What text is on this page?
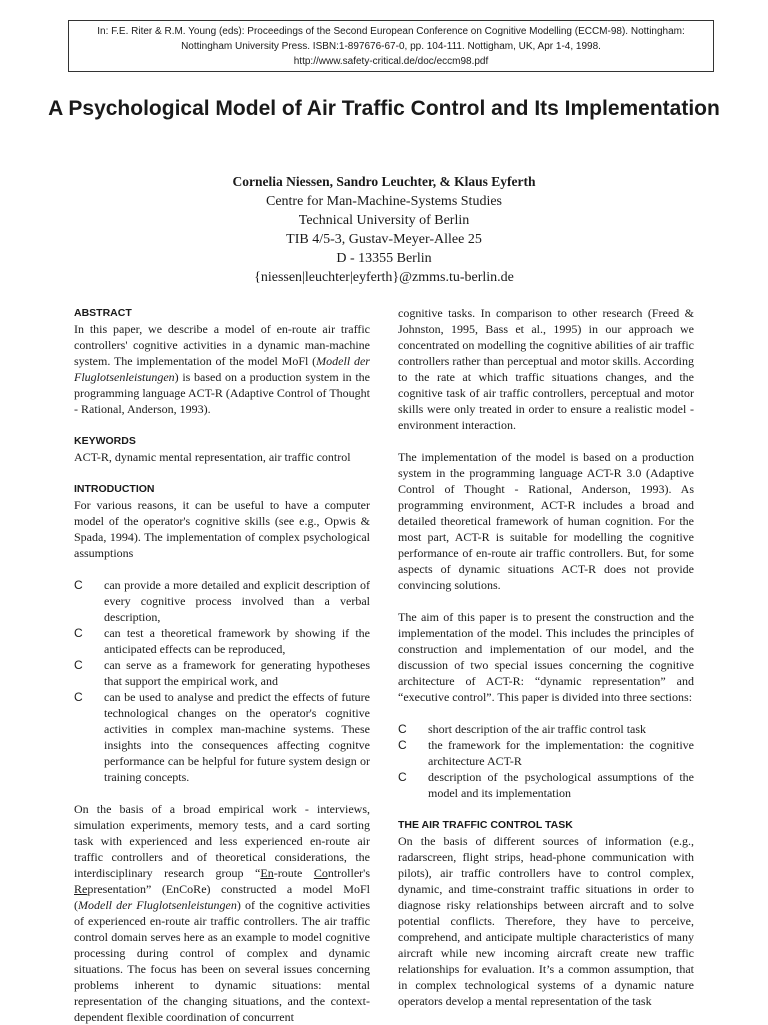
In: F.E. Riter & R.M. Young (eds): Proceedings of the Second European Conference on Cognitive Modelling (ECCM-98). Nottingham:
Nottingham University Press. ISBN:1-897676-67-0, pp. 104-111. Nottigham, UK, Apr 1-4, 1998.
http://www.safety-critical.de/doc/eccm98.pdf
A Psychological Model of Air Traffic Control and Its Implementation
Cornelia Niessen, Sandro Leuchter, & Klaus Eyferth
Centre for Man-Machine-Systems Studies
Technical University of Berlin
TIB 4/5-3, Gustav-Meyer-Allee 25
D - 13355 Berlin
{niessen|leuchter|eyferth}@zmms.tu-berlin.de
ABSTRACT

In this paper, we describe a model of en-route air traffic controllers' cognitive activities in a dynamic man-machine system. The implementation of the model MoFl (Modell der Fluglotsenleistungen) is based on a production system in the programming language ACT-R (Adaptive Control of Thought - Rational, Anderson, 1993).

KEYWORDS

ACT-R, dynamic mental representation, air traffic control

INTRODUCTION

For various reasons, it can be useful to have a computer model of the operator's cognitive skills (see e.g., Opwis & Spada, 1994). The implementation of complex psychological assumptions

C can provide a more detailed and explicit description of every cognitive process involved than a verbal description,
C can test a theoretical framework by showing if the anticipated effects can be reproduced,
C can serve as a framework for generating hypotheses that support the empirical work, and
C can be used to analyse and predict the effects of future technological changes on the operator's cognitive activities in complex man-machine systems. These insights into the consequences affecting cognitve performance can be helpful for future system design or training concepts.

On the basis of a broad empirical work - interviews, simulation experiments, memory tests, and a card sorting task with experienced and less experienced en-route air traffic controllers and of theoretical considerations, the interdisciplinary research group “En-route Controller's Representation” (EnCoRe) constructed a model MoFl (Modell der Fluglotsenleistungen) of the cognitive activities of experienced en-route air traffic controllers. The air traffic control domain serves here as an example to model cognitive processing during control of complex and dynamic situations. The focus has been on several issues concerning problems inherent to dynamic situations: mental representation of the changing situations, and the context-dependent flexible coordination of concurrent

cognitive tasks. In comparison to other research (Freed & Johnston, 1995, Bass et al., 1995) in our approach we concentrated on modelling the cognitive abilities of air traffic controllers rather than perceptual and motor skills. According to the rate at which traffic situations changes, and the cognitive task of air traffic controllers, perceptual and motor skills were only treated in order to ensure a realistic model - environment interaction.

The implementation of the model is based on a production system in the programming language ACT-R 3.0 (Adaptive Control of Thought - Rational, Anderson, 1993). As programming environment, ACT-R includes a broad and detailed theoretical framework of human cognition. For the most part, ACT-R is suitable for modelling the cognitive performance of en-route air traffic controllers. But, for some aspects of dynamic situations ACT-R does not provide convincing solutions.

The aim of this paper is to present the construction and the implementation of the model. This includes the principles of construction and implementation of our model, and the discussion of two special issues concerning the cognitive architecture of ACT-R: “dynamic representation” and “executive control”. This paper is divided into three sections:

C short description of the air traffic control task
C the framework for the implementation: the cognitive architecture ACT-R
C description of the psychological assumptions of the model and its implementation
THE AIR TRAFFIC CONTROL TASK

On the basis of different sources of information (e.g., radarscreen, flight strips, head-phone communication with pilots), air traffic controllers have to control complex, dynamic, and time-constraint traffic situations in order to diagnose risky relationships between aircraft and to solve potential conflicts. Therefore, they have to perceive, comprehend, and anticipate multiple characteristics of many aircraft while new incoming aircraft create new traffic relationships for evaluation. It’s a common assumption, that in complex technological systems of a dynamic nature operators develop a mental representation of the task
